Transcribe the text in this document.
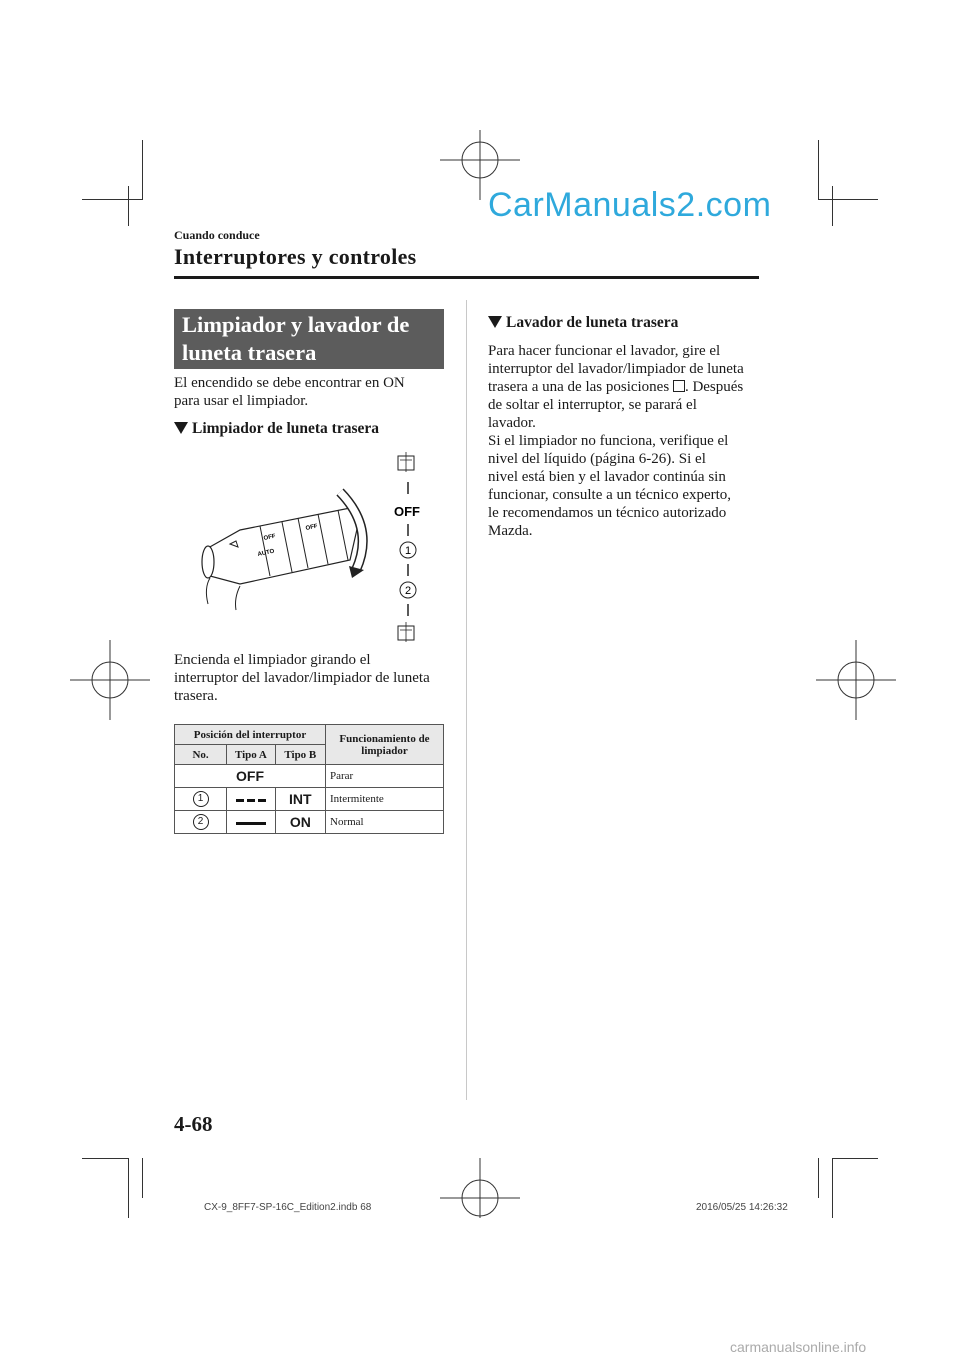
CarManuals2.com
Cuando conduce
Interruptores y controles
Limpiador y lavador de
luneta trasera

El encendido se debe encontrar en ON

para usar el limpiador.

Limpiador de luneta trasera
OFF
AUTO
OFF
OFF
1
2

Encienda el limpiador girando el

interruptor del lavador/limpiador de luneta

trasera.

Posición del interruptor			Funcionamiento de limpiador
No.	Tipo A	Tipo B	
OFF			Parar
1		INT	Intermitente
2		ON	Normal
Lavador de luneta trasera

Para hacer funcionar el lavador, gire el

interruptor del lavador/limpiador de luneta

trasera a una de las posiciones . Después

de soltar el interruptor, se parará el

lavador.

Si el limpiador no funciona, verifique el

nivel del líquido (página 6-26). Si el

nivel está bien y el lavador continúa sin

funcionar, consulte a un técnico experto,

le recomendamos un técnico autorizado

Mazda.

4-68
CX-9_8FF7-SP-16C_Edition2.indb 68	2016/05/25 14:26:32
carmanualsonline.info
